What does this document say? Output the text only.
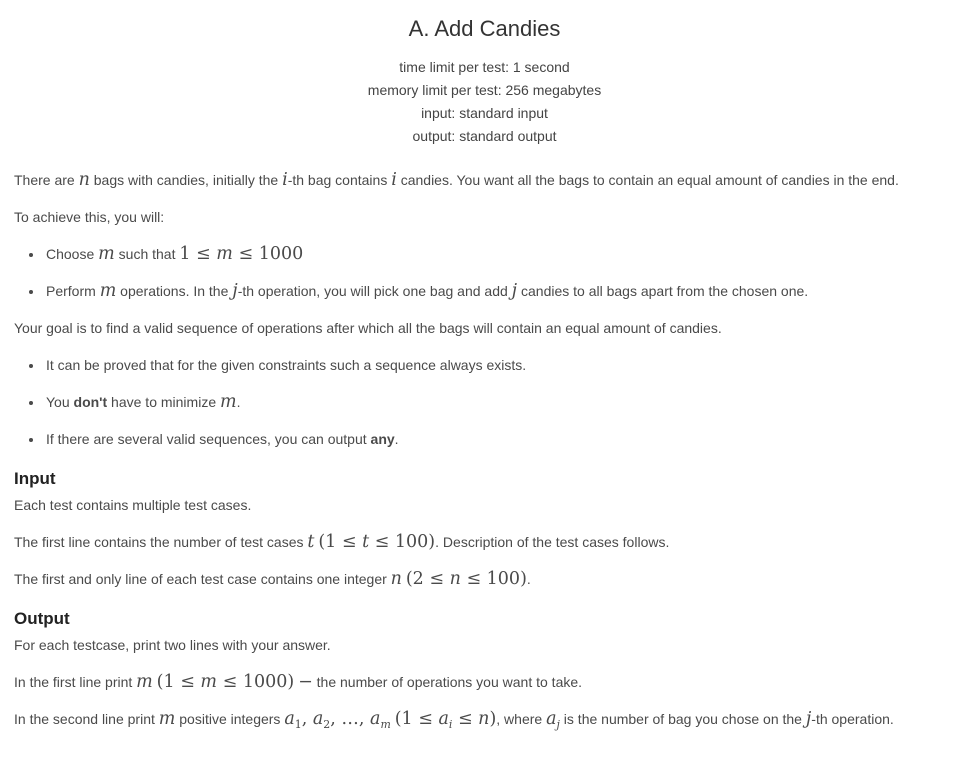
A. Add Candies
time limit per test: 1 second
memory limit per test: 256 megabytes
input: standard input
output: standard output

There are n bags with candies, initially the i-th bag contains i candies. You want all the bags to contain an equal amount of candies in the end.

To achieve this, you will:

• Choose m such that 1 ≤ m ≤ 1000
• Perform m operations. In the j-th operation, you will pick one bag and add j candies to all bags apart from the chosen one.

Your goal is to find a valid sequence of operations after which all the bags will contain an equal amount of candies.

• It can be proved that for the given constraints such a sequence always exists.
• You don't have to minimize m.
• If there are several valid sequences, you can output any.
Input

Each test contains multiple test cases.

The first line contains the number of test cases t (1 ≤ t ≤ 100). Description of the test cases follows.

The first and only line of each test case contains one integer n (2 ≤ n ≤ 100).

Output

For each testcase, print two lines with your answer.

In the first line print m (1 ≤ m ≤ 1000) − the number of operations you want to take.

In the second line print m positive integers $a_1$, $a_2$, …, $a_m$ $(1 \le a_i \le n)$, where $a_j$ is the number of bag you chose on the j-th operation.
